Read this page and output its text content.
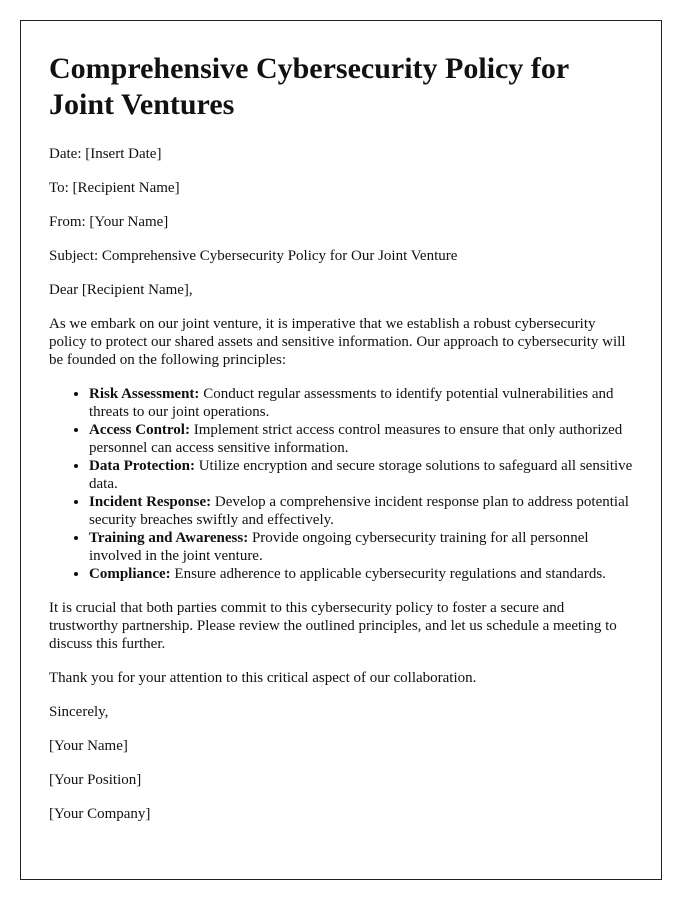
Comprehensive Cybersecurity Policy for Joint Ventures
Date: [Insert Date]
To: [Recipient Name]
From: [Your Name]
Subject: Comprehensive Cybersecurity Policy for Our Joint Venture
Dear [Recipient Name],

As we embark on our joint venture, it is imperative that we establish a robust cybersecurity policy to protect our shared assets and sensitive information. Our approach to cybersecurity will be founded on the following principles:

• Risk Assessment: Conduct regular assessments to identify potential vulnerabilities and threats to our joint operations.
• Access Control: Implement strict access control measures to ensure that only authorized personnel can access sensitive information.
• Data Protection: Utilize encryption and secure storage solutions to safeguard all sensitive data.
• Incident Response: Develop a comprehensive incident response plan to address potential security breaches swiftly and effectively.
• Training and Awareness: Provide ongoing cybersecurity training for all personnel involved in the joint venture.
• Compliance: Ensure adherence to applicable cybersecurity regulations and standards.

It is crucial that both parties commit to this cybersecurity policy to foster a secure and trustworthy partnership. Please review the outlined principles, and let us schedule a meeting to discuss this further.

Thank you for your attention to this critical aspect of our collaboration.
Sincerely,
[Your Name]
[Your Position]
[Your Company]
